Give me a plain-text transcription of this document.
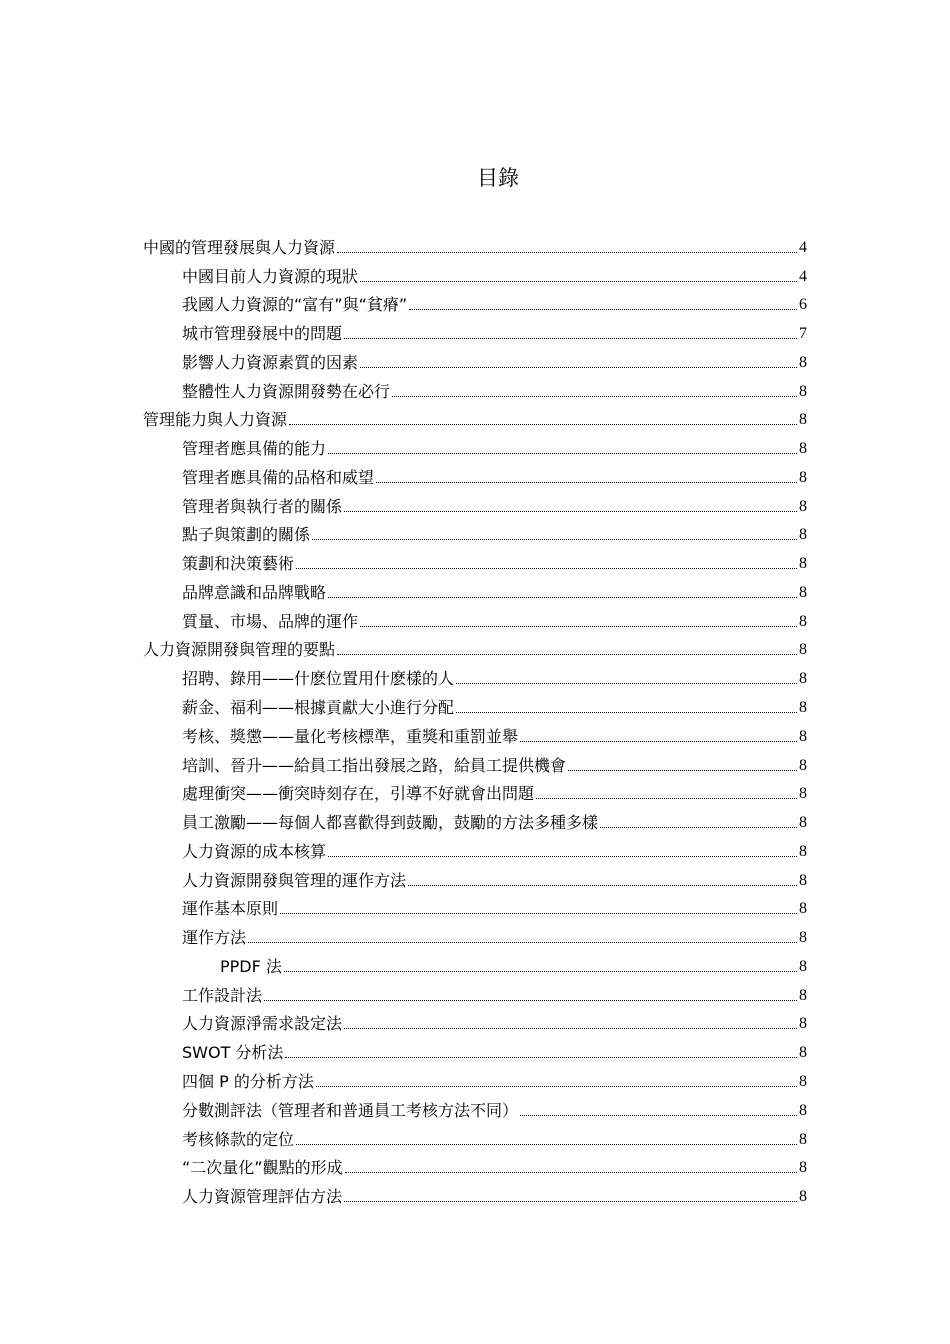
目錄
中國的管理發展與人力資源	4
中國目前人力資源的現狀	4
我國人力資源的“富有”與“貧瘠”	6
城市管理發展中的問題	7
影響人力資源素質的因素	8
整體性人力資源開發勢在必行	8
管理能力與人力資源	8
管理者應具備的能力	8
管理者應具備的品格和威望	8
管理者與執行者的關係	8
點子與策劃的關係	8
策劃和決策藝術	8
品牌意識和品牌戰略	8
質量、市場、品牌的運作	8
人力資源開發與管理的要點	8
招聘、錄用——什麽位置用什麽樣的人	8
薪金、福利——根據貢獻大小進行分配	8
考核、獎懲——量化考核標準，重獎和重罰並舉	8
培訓、晉升——給員工指出發展之路，給員工提供機會	8
處理衝突——衝突時刻存在，引導不好就會出問題	8
員工激勵——每個人都喜歡得到鼓勵，鼓勵的方法多種多樣	8
人力資源的成本核算	8
人力資源開發與管理的運作方法	8
運作基本原則	8
運作方法	8
PPDF 法	8
工作設計法	8
人力資源淨需求設定法	8
SWOT 分析法	8
四個 P 的分析方法	8
分數測評法（管理者和普通員工考核方法不同）	8
考核條款的定位	8
“二次量化”觀點的形成	8
人力資源管理評估方法	8
